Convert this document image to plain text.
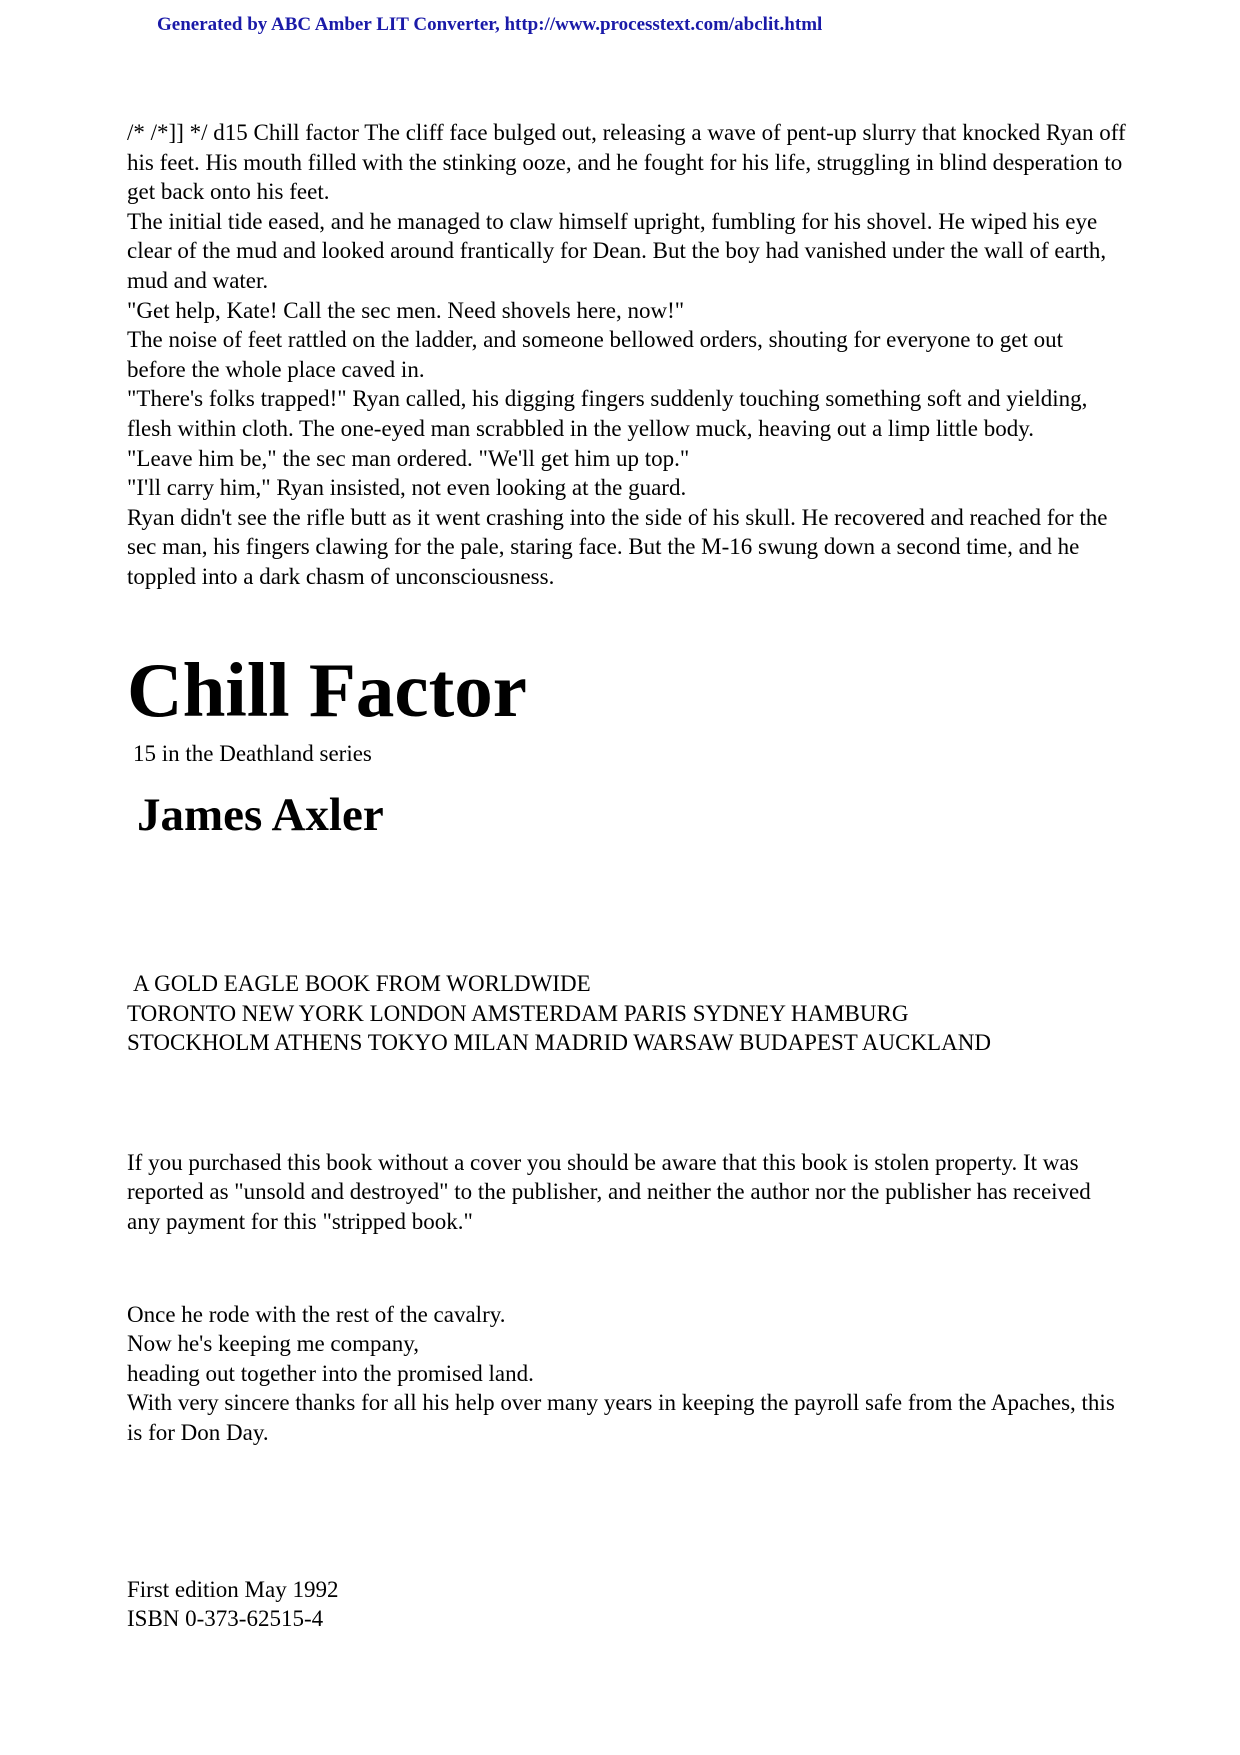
Generated by ABC Amber LIT Converter, http://www.processtext.com/abclit.html

/* /*]] */ d15 Chill factor The cliff face bulged out, releasing a wave of pent-up slurry that knocked Ryan off his feet. His mouth filled with the stinking ooze, and he fought for his life, struggling in blind desperation to get back onto his feet.

The initial tide eased, and he managed to claw himself upright, fumbling for his shovel. He wiped his eye clear of the mud and looked around frantically for Dean. But the boy had vanished under the wall of earth, mud and water.

"Get help, Kate! Call the sec men. Need shovels here, now!"

The noise of feet rattled on the ladder, and someone bellowed orders, shouting for everyone to get out before the whole place caved in.

"There's folks trapped!" Ryan called, his digging fingers suddenly touching something soft and yielding, flesh within cloth. The one-eyed man scrabbled in the yellow muck, heaving out a limp little body.

"Leave him be," the sec man ordered. "We'll get him up top."

"I'll carry him," Ryan insisted, not even looking at the guard.

Ryan didn't see the rifle butt as it went crashing into the side of his skull. He recovered and reached for the sec man, his fingers clawing for the pale, staring face. But the M-16 swung down a second time, and he toppled into a dark chasm of unconsciousness.

Chill Factor
15 in the Deathland series
James Axler
A GOLD EAGLE BOOK FROM WORLDWIDE
TORONTO NEW YORK LONDON AMSTERDAM PARIS SYDNEY HAMBURG
STOCKHOLM ATHENS TOKYO MILAN MADRID WARSAW BUDAPEST AUCKLAND

If you purchased this book without a cover you should be aware that this book is stolen property. It was reported as "unsold and destroyed" to the publisher, and neither the author nor the publisher has received any payment for this "stripped book."

Once he rode with the rest of the cavalry.
Now he's keeping me company,
heading out together into the promised land.
With very sincere thanks for all his help over many years in keeping the payroll safe from the Apaches, this is for Don Day.
First edition May 1992
ISBN 0-373-62515-4
